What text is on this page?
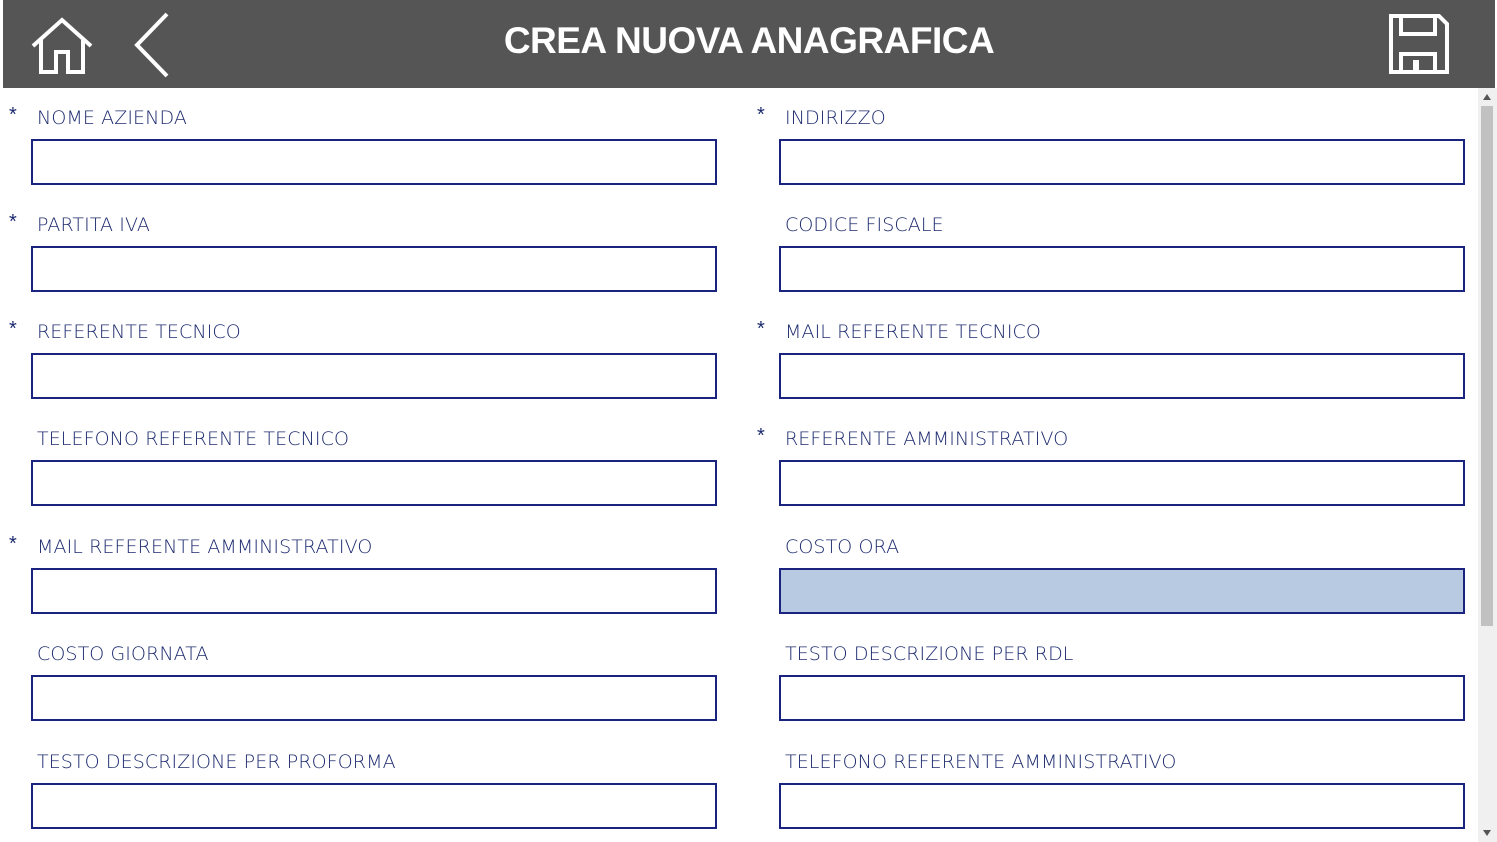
CREA NUOVA ANAGRAFICA
* NOME AZIENDA	* INDIRIZZO
* PARTITA IVA	CODICE FISCALE
* REFERENTE TECNICO	* MAIL REFERENTE TECNICO
TELEFONO REFERENTE TECNICO	* REFERENTE AMMINISTRATIVO
* MAIL REFERENTE AMMINISTRATIVO	COSTO ORA
COSTO GIORNATA	TESTO DESCRIZIONE PER RDL
TESTO DESCRIZIONE PER PROFORMA	TELEFONO REFERENTE AMMINISTRATIVO
